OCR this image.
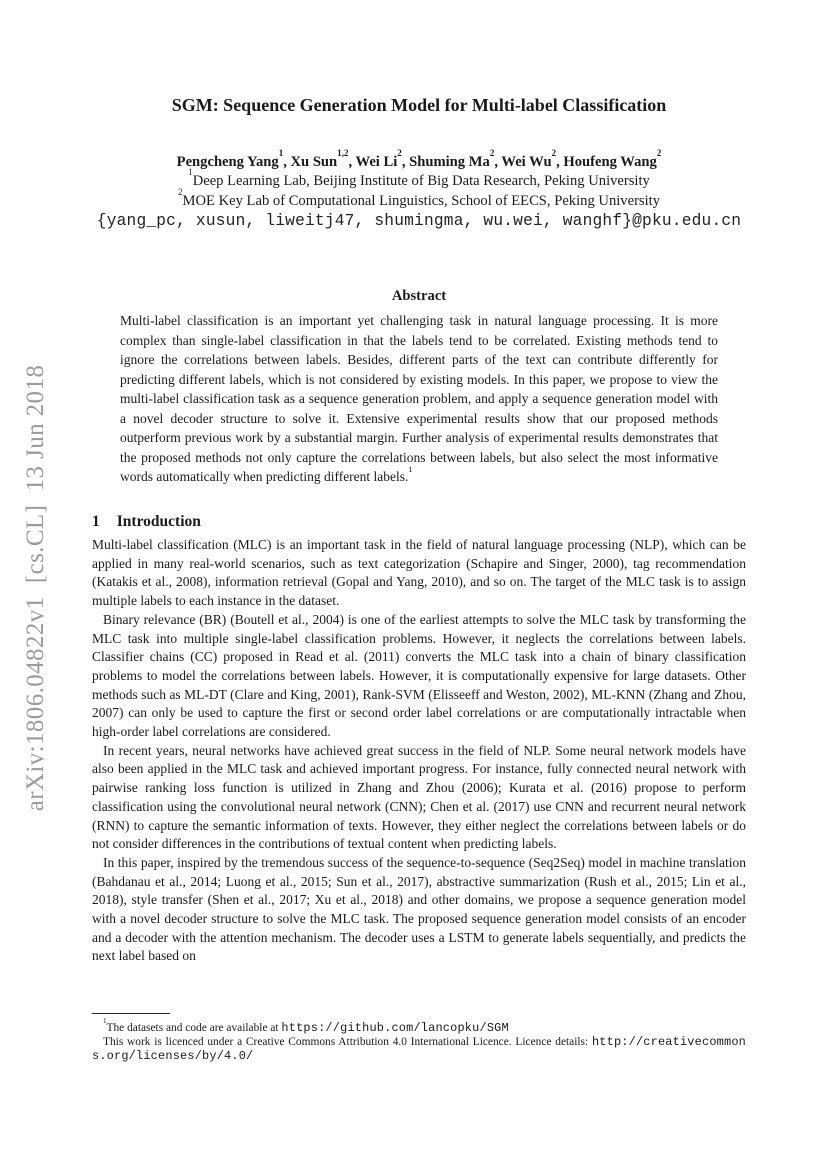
arXiv:1806.04822v1  [cs.CL]  13 Jun 2018
SGM: Sequence Generation Model for Multi-label Classification
Pengcheng Yang$^1$, Xu Sun$^{1,2}$, Wei Li$^2$, Shuming Ma$^2$, Wei Wu$^2$, Houfeng Wang$^2$
$^1$Deep Learning Lab, Beijing Institute of Big Data Research, Peking University
$^2$MOE Key Lab of Computational Linguistics, School of EECS, Peking University
{yang_pc, xusun, liweitj47, shumingma, wu.wei, wanghf}@pku.edu.cn
Abstract

Multi-label classification is an important yet challenging task in natural language processing. It is more complex than single-label classification in that the labels tend to be correlated. Existing methods tend to ignore the correlations between labels. Besides, different parts of the text can contribute differently for predicting different labels, which is not considered by existing models. In this paper, we propose to view the multi-label classification task as a sequence generation problem, and apply a sequence generation model with a novel decoder structure to solve it. Extensive experimental results show that our proposed methods outperform previous work by a substantial margin. Further analysis of experimental results demonstrates that the proposed methods not only capture the correlations between labels, but also select the most informative words automatically when predicting different labels.$^1$

1 Introduction

Multi-label classification (MLC) is an important task in the field of natural language processing (NLP), which can be applied in many real-world scenarios, such as text categorization (Schapire and Singer, 2000), tag recommendation (Katakis et al., 2008), information retrieval (Gopal and Yang, 2010), and so on. The target of the MLC task is to assign multiple labels to each instance in the dataset.

Binary relevance (BR) (Boutell et al., 2004) is one of the earliest attempts to solve the MLC task by transforming the MLC task into multiple single-label classification problems. However, it neglects the correlations between labels. Classifier chains (CC) proposed in Read et al. (2011) converts the MLC task into a chain of binary classification problems to model the correlations between labels. However, it is computationally expensive for large datasets. Other methods such as ML-DT (Clare and King, 2001), Rank-SVM (Elisseeff and Weston, 2002), ML-KNN (Zhang and Zhou, 2007) can only be used to capture the first or second order label correlations or are computationally intractable when high-order label correlations are considered.

In recent years, neural networks have achieved great success in the field of NLP. Some neural network models have also been applied in the MLC task and achieved important progress. For instance, fully connected neural network with pairwise ranking loss function is utilized in Zhang and Zhou (2006); Kurata et al. (2016) propose to perform classification using the convolutional neural network (CNN); Chen et al. (2017) use CNN and recurrent neural network (RNN) to capture the semantic information of texts. However, they either neglect the correlations between labels or do not consider differences in the contributions of textual content when predicting labels.

In this paper, inspired by the tremendous success of the sequence-to-sequence (Seq2Seq) model in machine translation (Bahdanau et al., 2014; Luong et al., 2015; Sun et al., 2017), abstractive summarization (Rush et al., 2015; Lin et al., 2018), style transfer (Shen et al., 2017; Xu et al., 2018) and other domains, we propose a sequence generation model with a novel decoder structure to solve the MLC task. The proposed sequence generation model consists of an encoder and a decoder with the attention mechanism. The decoder uses a LSTM to generate labels sequentially, and predicts the next label based on

$^1$The datasets and code are available at https://github.com/lancopku/SGM

This work is licenced under a Creative Commons Attribution 4.0 International Licence. Licence details: http://creativecommons.org/licenses/by/4.0/
